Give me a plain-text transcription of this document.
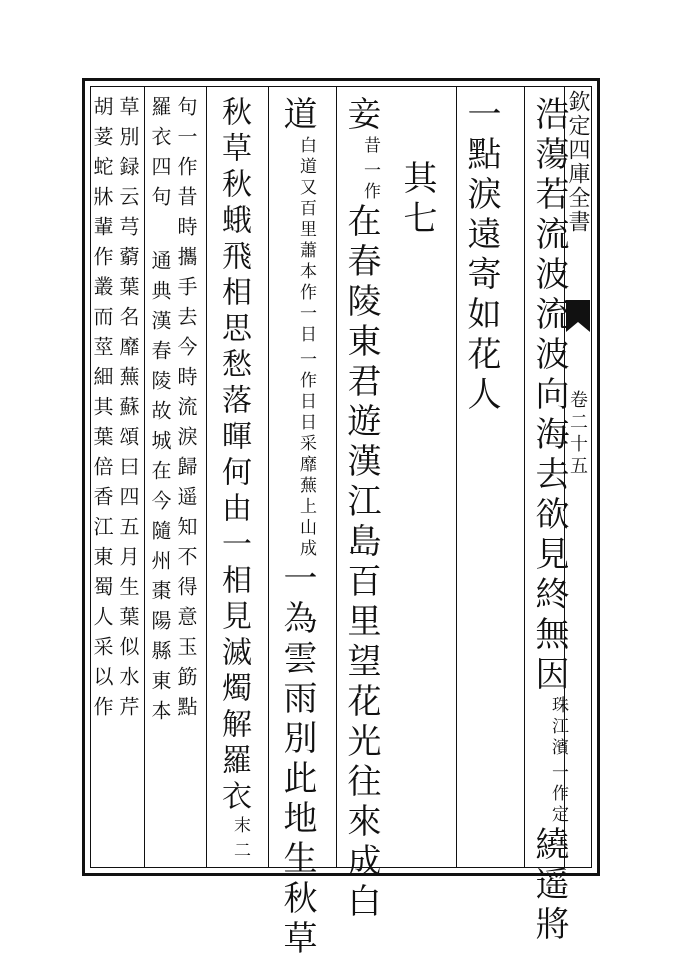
欽定四庫全書
卷二十五
浩蕩若流波流波向海去欲見終無因
一作定
珠江濱
繞遥將
一點淚遠寄如花人
其七
妾
一作
昔
在春陵東君遊漢江島百里望花光往來成白
道
一作日日采靡蕪上山成
白道又百里蕭本作一日
一為雲雨別此地生秋草
秋草秋蛾飛相思愁落暉何由一相見滅燭解羅衣
二
末
句一作昔時攜手去今時流淚歸遥知不得意玉筯點
羅衣四句 通典漢春陵故城在今隨州棗陽縣東本
草別録云芎藭葉名靡蕪蘇頌曰四五月生葉似水芹
胡荽蛇牀輩作叢而莖細其葉倍香江東蜀人采以作
